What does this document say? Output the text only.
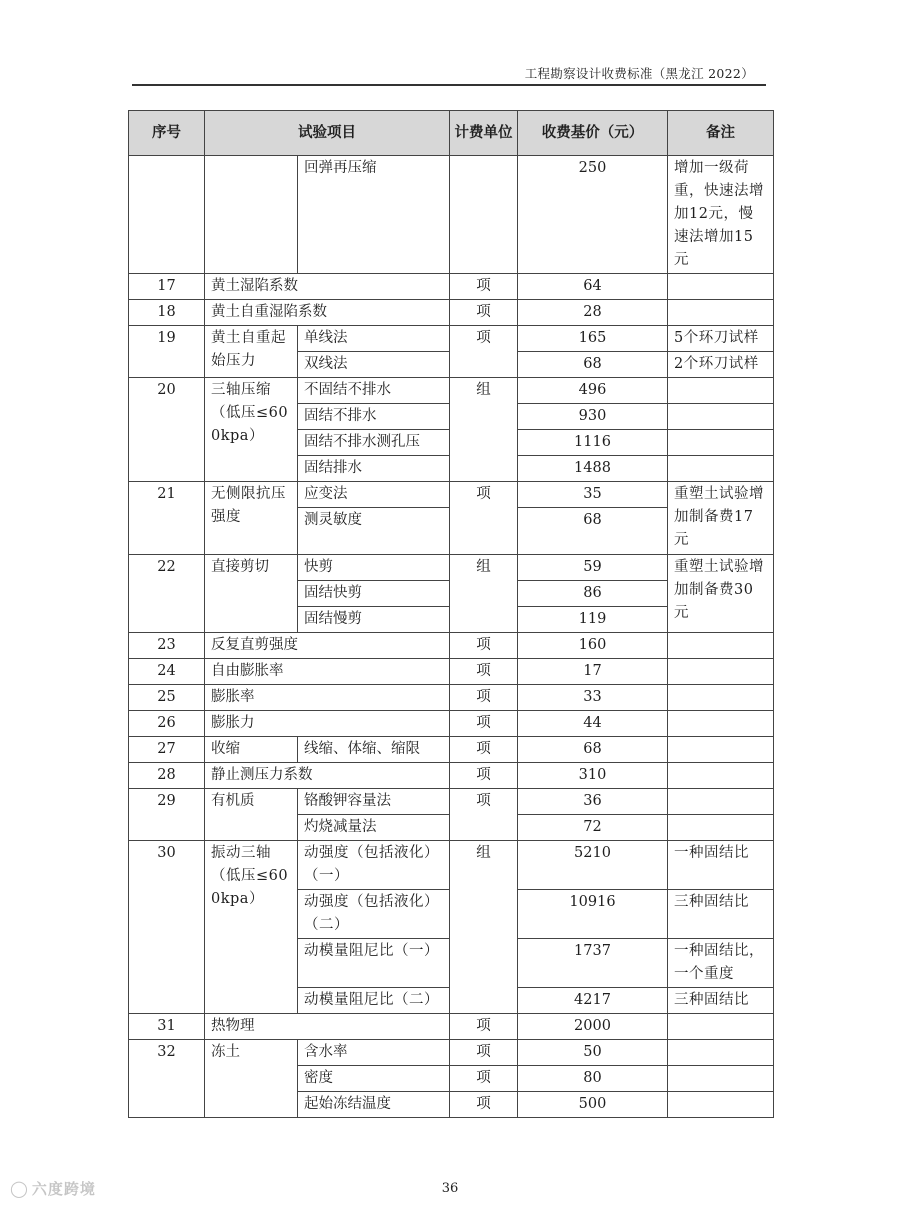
工程勘察设计收费标准（黑龙江 2022）
序号	试验项目		计费单位	收费基价（元）	备注
		回弹再压缩		250	增加一级荷重，快速法增加12元，慢速法增加15元
17	黄土湿陷系数		项	64	
18	黄土自重湿陷系数		项	28	
19	黄土自重起始压力	单线法	项	165	5个环刀试样
		双线法		68	2个环刀试样
20	三轴压缩（低压≤600kpa）	不固结不排水	组	496	
		固结不排水		930	
		固结不排水测孔压		1116	
		固结排水		1488	
21	无侧限抗压强度	应变法	项	35	重塑土试验增加制备费17元
		测灵敏度		68	
22	直接剪切	快剪	组	59	重塑土试验增加制备费30元
		固结快剪		86	
		固结慢剪		119	
23	反复直剪强度		项	160	
24	自由膨胀率		项	17	
25	膨胀率		项	33	
26	膨胀力		项	44	
27	收缩	线缩、体缩、缩限	项	68	
28	静止测压力系数		项	310	
29	有机质	铬酸钾容量法	项	36	
		灼烧减量法		72	
30	振动三轴（低压≤600kpa）	动强度（包括液化）（一）	组	5210	一种固结比
		动强度（包括液化）（二）		10916	三种固结比
		动模量阻尼比（一）		1737	一种固结比，一个重度
		动模量阻尼比（二）		4217	三种固结比
31	热物理		项	2000	
32	冻土	含水率	项	50	
		密度	项	80	
		起始冻结温度	项	500	
◯ 六度跨境	36
